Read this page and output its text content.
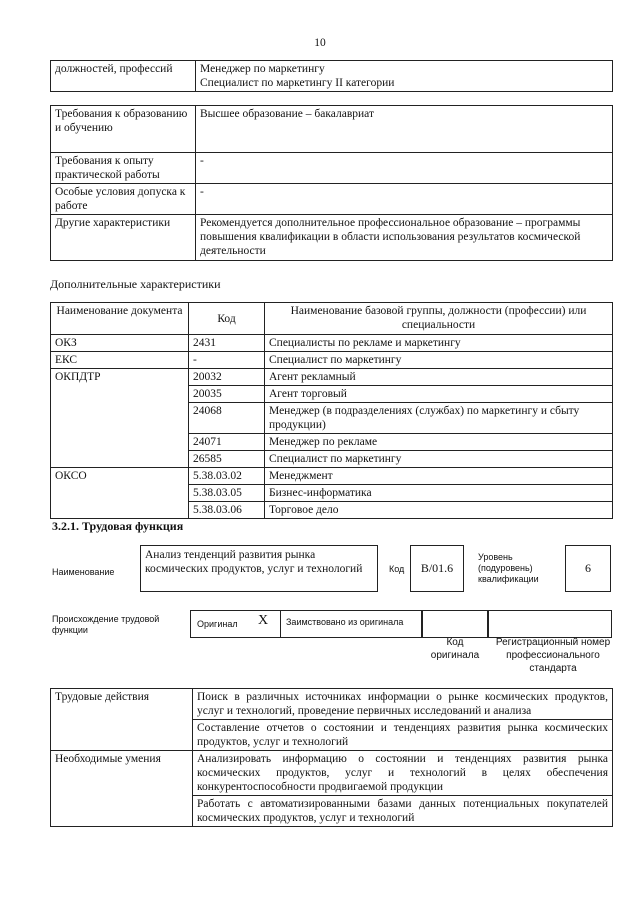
10
должностей, профессий	Менеджер по маркетингу
Специалист по маркетингу II категории
Требования к образованию и обучению	Высшее образование – бакалавриат
Требования к опыту практической работы	-
Особые условия допуска к работе	-
Другие характеристики	Рекомендуется дополнительное профессиональное образование – программы повышения квалификации в области использования результатов космической деятельности
Дополнительные характеристики
Наименование документа	Код	Наименование базовой группы, должности (профессии) или специальности
ОКЗ	2431	Специалисты по рекламе и маркетингу
ЕКС	-	Специалист по маркетингу
ОКПДТР	20032	Агент рекламный
	20035	Агент торговый
	24068	Менеджер (в подразделениях (службах) по маркетингу и сбыту продукции)
	24071	Менеджер по рекламе
	26585	Специалист по маркетингу
ОКСО	5.38.03.02	Менеджмент
	5.38.03.05	Бизнес-информатика
	5.38.03.06	Торговое дело
3.2.1. Трудовая функция
Наименование
Анализ тенденций развития рынка космических продуктов, услуг и технологий	Код	B/01.6
Уровень (подуровень) квалификации
6
Происхождение трудовой функции
Оригинал X Заимствовано из оригинала
Код оригинала
Регистрационный номер профессионального стандарта
Трудовые действия	Поиск в различных источниках информации о рынке космических продуктов, услуг и технологий, проведение первичных исследований и анализа
	Составление отчетов о состоянии и тенденциях развития рынка космических продуктов, услуг и технологий
Необходимые умения	Анализировать информацию о состоянии и тенденциях развития рынка космических продуктов, услуг и технологий в целях обеспечения конкурентоспособности продвигаемой продукции
	Работать с автоматизированными базами данных потенциальных покупателей космических продуктов, услуг и технологий
